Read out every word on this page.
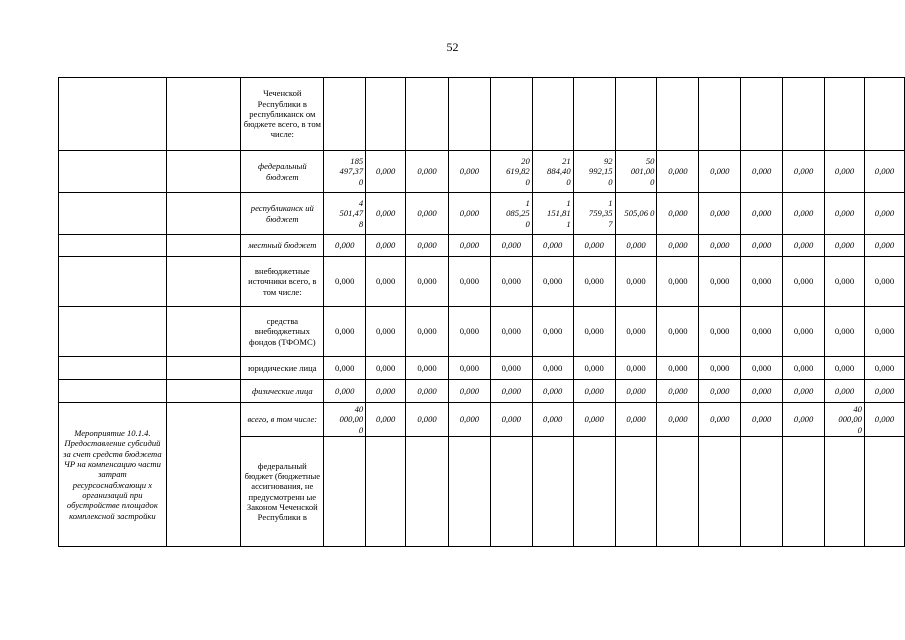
52
		Чеченской Республики в республиканск ом бюджете всего, в том числе:														
		федеральный бюджет	185
497,37
0	0,000	0,000	0,000	20
619,82
0	21
884,40
0	92
992,15
0	50
001,00
0	0,000	0,000	0,000	0,000	0,000	0,000
		республиканск ий бюджет	4
501,47
8	0,000	0,000	0,000	1
085,25
0	1
151,81
1	1
759,35
7	505,06 0	0,000	0,000	0,000	0,000	0,000	0,000
		местный бюджет	0,000	0,000	0,000	0,000	0,000	0,000	0,000	0,000	0,000	0,000	0,000	0,000	0,000	0,000
		внебюджетные источники всего, в том числе:	0,000	0,000	0,000	0,000	0,000	0,000	0,000	0,000	0,000	0,000	0,000	0,000	0,000	0,000
		средства внебюджетных фондов (ТФОМС)	0,000	0,000	0,000	0,000	0,000	0,000	0,000	0,000	0,000	0,000	0,000	0,000	0,000	0,000
		юридические лица	0,000	0,000	0,000	0,000	0,000	0,000	0,000	0,000	0,000	0,000	0,000	0,000	0,000	0,000
		физические лица	0,000	0,000	0,000	0,000	0,000	0,000	0,000	0,000	0,000	0,000	0,000	0,000	0,000	0,000
Мероприятие 10.1.4. Предоставление субсидий за счет средств бюджета ЧР на компенсацию части затрат ресурсоснабжающи х организаций при обустройстве площадок комплексной застройки		всего, в том числе:	40
000,00
0	0,000	0,000	0,000	0,000	0,000	0,000	0,000	0,000	0,000	0,000	0,000	40
000,00
0	0,000
		федеральный бюджет (бюджетные ассигнования, не предусмотренн ые Законом Чеченской Республики в														
